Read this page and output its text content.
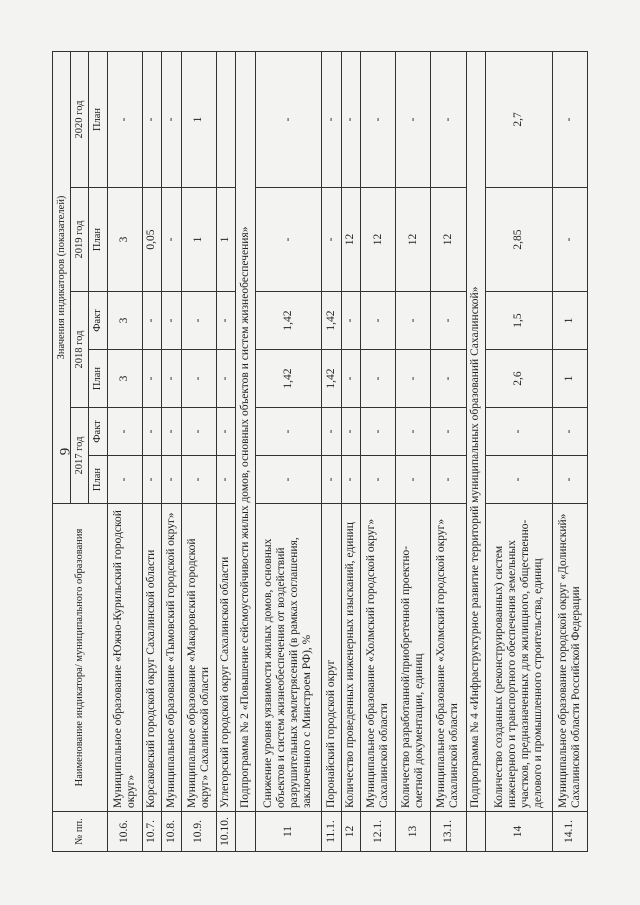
9
№ пп.	Наименование индикатора/ муниципального образования	Значения индикаторов (показателей)					
		2017 год		2018 год		2019 год	2020 год
		План	Факт	План	Факт	План	План
10.6.	Муниципальное образование «Южно-Курильский городской округ»	-	-	3	3	3	-
10.7.	Корсаковский городской округ Сахалинской области	-	-	-	-	0,05	-
10.8.	Муниципальное образование «Тымовский городской округ»	-	-	-	-	-	-
10.9.	Муниципальное образование «Макаровский городской округ» Сахалинской области	-	-	-	-	1	1
10.10.	Углегорский городской округ Сахалинской области	-	-	-	-	1	
	Подпрограмма № 2 «Повышение сейсмоустойчивости жилых домов, основных объектов и систем жизнеобеспечения»						
11	Снижение уровня уязвимости жилых домов, основных объектов и систем жизнеобеспечения от воздействий разрушительных землетрясений (в рамках соглашения, заключенного с Минстроем РФ), %	-	-	1,42	1,42	-	-
11.1.	Поронайский городской округ	-	-	1,42	1,42	-	-
12	Количество проведенных инженерных изысканий, единиц	-	-	-	-	12	-
12.1.	Муниципальное образование «Холмский городской округ» Сахалинской области	-	-	-	-	12	-
13	Количество разработанной/приобретенной проектно-сметной документации, единиц	-	-	-	-	12	-
13.1.	Муниципальное образование «Холмский городской округ» Сахалинской области	-	-	-	-	12	-
	Подпрограмма № 4 «Инфраструктурное развитие территорий муниципальных образований Сахалинской»						
14	Количество созданных (реконструированных) систем инженерного и транспортного обеспечения земельных участков, предназначенных для жилищного, общественно-делового и промышленного строительства, единиц	-	-	2,6	1,5	2,85	2,7
14.1.	Муниципальное образование городской округ «Долинский» Сахалинской области Российской Федерации	-	-	1	1	-	-
